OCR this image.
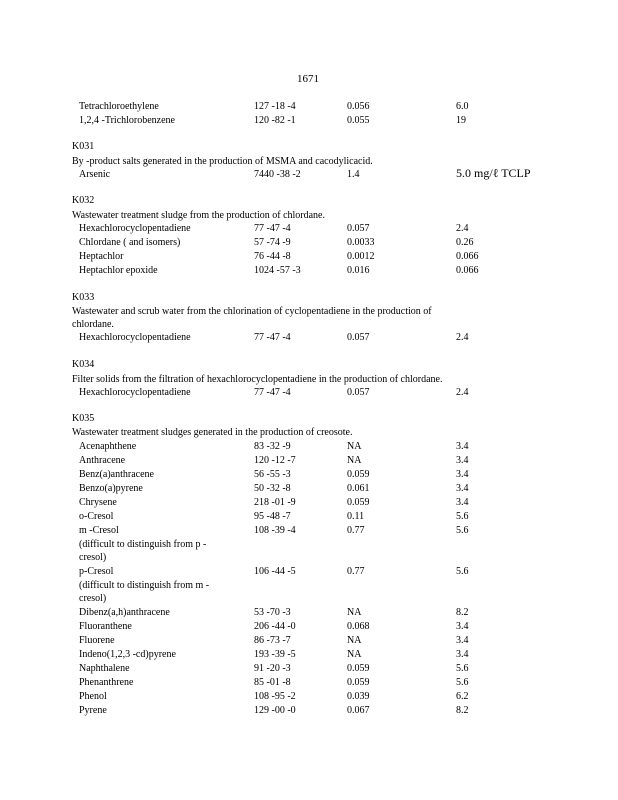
1671
Tetrachloroethylene	127 -18 -4	0.056	6.0
1,2,4 -Trichlorobenzene	120 -82 -1	0.055	19
K031
By -product salts generated in the production of MSMA and cacodylicacid.
Arsenic	7440 -38 -2	1.4	5.0 mg/ℓ TCLP
K032
Wastewater treatment sludge from the production of chlordane.
Hexachlorocyclopentadiene	77 -47 -4	0.057	2.4
Chlordane ( and isomers)	57 -74 -9	0.0033	0.26
Heptachlor	76 -44 -8	0.0012	0.066
Heptachlor epoxide	1024 -57 -3	0.016	0.066
K033
Wastewater and scrub water from the chlorination of cyclopentadiene in the production of
chlordane.
Hexachlorocyclopentadiene	77 -47 -4	0.057	2.4
K034
Filter solids from the filtration of hexachlorocyclopentadiene in the production of chlordane.
Hexachlorocyclopentadiene	77 -47 -4	0.057	2.4
K035
Wastewater treatment sludges generated in the production of creosote.
Acenaphthene	83 -32 -9	NA	3.4
Anthracene	120 -12 -7	NA	3.4
Benz(a)anthracene	56 -55 -3	0.059	3.4
Benzo(a)pyrene	50 -32 -8	0.061	3.4
Chrysene	218 -01 -9	0.059	3.4
o-Cresol	95 -48 -7	0.11	5.6
m -Cresol	108 -39 -4	0.77	5.6
(difficult to distinguish from p -
cresol)
p-Cresol	106 -44 -5	0.77	5.6
(difficult to distinguish from m -
cresol)
Dibenz(a,h)anthracene	53 -70 -3	NA	8.2
Fluoranthene	206 -44 -0	0.068	3.4
Fluorene	86 -73 -7	NA	3.4
Indeno(1,2,3 -cd)pyrene	193 -39 -5	NA	3.4
Naphthalene	91 -20 -3	0.059	5.6
Phenanthrene	85 -01 -8	0.059	5.6
Phenol	108 -95 -2	0.039	6.2
Pyrene	129 -00 -0	0.067	8.2
